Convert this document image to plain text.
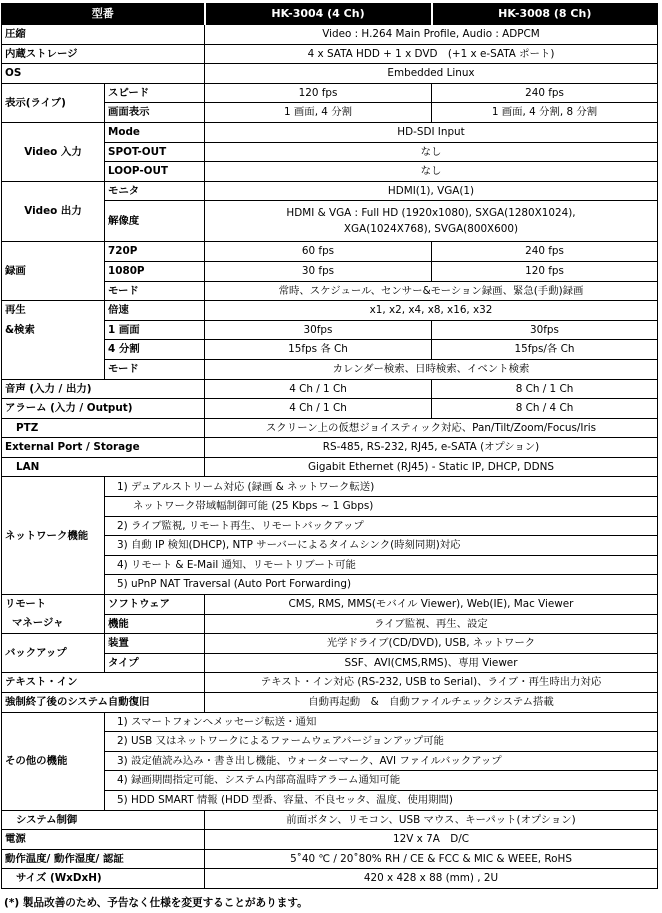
型番		HK-3004 (4 Ch)	HK-3008 (8 Ch)
圧縮		Video : H.264 Main Profile, Audio : ADPCM	
内蔵ストレージ		4 x SATA HDD + 1 x DVD　(+1 x e-SATA ポート)	
OS		Embedded Linux	
表示(ライブ)	スピード	120 fps	240 fps
	画面表示	1 画面, 4 分割	1 画面, 4 分割, 8 分割
Video 入力	Mode	HD-SDI Input	
	SPOT-OUT	なし	
	LOOP-OUT	なし	
Video 出力	モニタ	HDMI(1), VGA(1)	
	解像度	HDMI & VGA : Full HD (1920x1080), SXGA(1280X1024),
XGA(1024X768), SVGA(800X600)	

録画	720P	60 fps	240 fps
	1080P	30 fps	120 fps
	モード	常時、スケジュール、センサー&モーション録画、緊急(手動)録画	
再生	倍速	x1, x2, x4, x8, x16, x32	
&検索	1 画面	30fps	30fps
	4 分割	15fps 各 Ch	15fps/各 Ch
	モード	カレンダー検索、日時検索、イベント検索	
音声 (入力 / 出力)		4 Ch / 1 Ch	8 Ch / 1 Ch
アラーム (入力 / Output)		4 Ch / 1 Ch	8 Ch / 4 Ch
PTZ		スクリーン上の仮想ジョイスティック対応、Pan/Tilt/Zoom/Focus/Iris	
External Port / Storage		RS-485, RS-232, RJ45, e-SATA (オプション)	
LAN		Gigabit Ethernet (RJ45) - Static IP, DHCP, DDNS	
ネットワーク機能	1) デュアルストリーム対応 (録画 & ネットワーク転送)		
	ネットワーク帯域幅制御可能 (25 Kbps ~ 1 Gbps)		
	2) ライブ監視, リモート再生、リモートバックアップ		
	3) 自動 IP 検知(DHCP), NTP サーバーによるタイムシンク(時刻同期)対応		
	4) リモート & E-Mail 通知、リモートリブート可能		
	5) uPnP NAT Traversal (Auto Port Forwarding)		
リモート	ソフトウェア	CMS, RMS, MMS(モバイル Viewer), Web(IE), Mac Viewer	
マネージャ	機能	ライブ監視、再生、設定	
バックアップ	装置	光学ドライブ(CD/DVD), USB, ネットワーク	
	タイプ	SSF、AVI(CMS,RMS)、専用 Viewer	
テキスト・イン		テキスト・イン対応 (RS-232, USB to Serial)、ライブ・再生時出力対応	
強制終了後のシステム自動復旧		自動再起動　&　自動ファイルチェックシステム搭載	
その他の機能	1) スマートフォンへメッセージ転送・通知		
	2) USB 又はネットワークによるファームウェアバージョンアップ可能		
	3) 設定値読み込み・書き出し機能、ウォーターマーク、AVI ファイルバックアップ		
	4) 録画期間指定可能、システム内部高温時アラーム通知可能		
	5) HDD SMART 情報 (HDD 型番、容量、不良セッタ、温度、使用期間)		
システム制御		前面ボタン、リモコン、USB マウス、キーパット(オプション)	
電源		12V x 7A　D/C	
動作温度/ 動作湿度/ 認証		5˚40 ℃ / 20˚80% RH / CE & FCC & MIC & WEEE, RoHS	
サイズ (WxDxH)		420 x 428 x 88 (mm) , 2U	
(*) 製品改善のため、予告なく仕様を変更することがあります。
